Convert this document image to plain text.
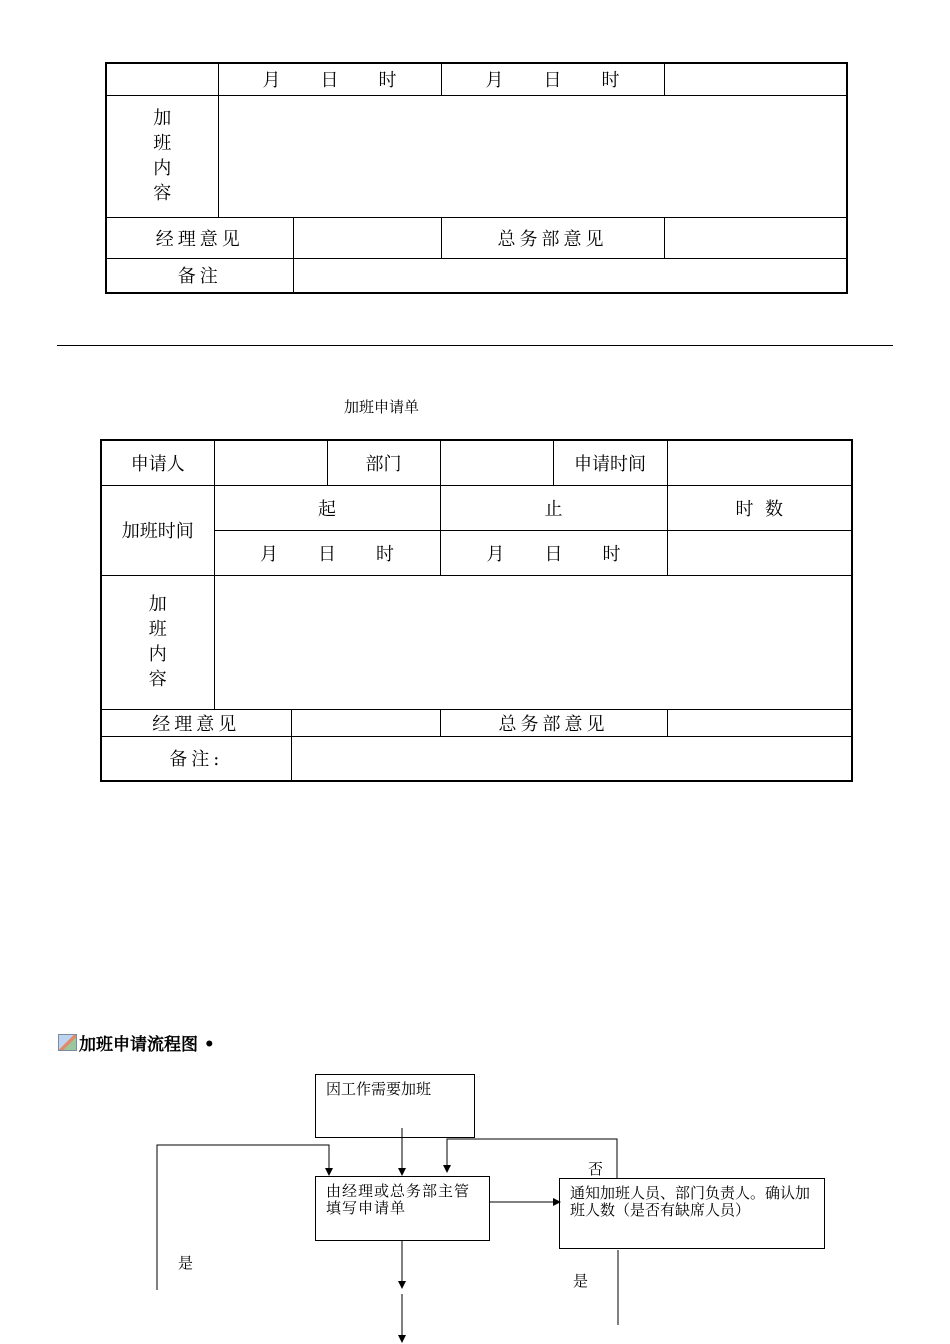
	月 日 时		月 日 时	

加
班
内
容				

经理意见			总务部意见	
备注				
加班申请单
申请人			部门		申请时间	
加班时间	起			止		时  数
	月 日 时			月 日 时		

加
班
内
容						

经理意见				总务部意见		
备注:						
加班申请流程图 •
因工作需要加班
由经理或总务部主管填写申请单
通知加班人员、部门负责人。确认加班人数（是否有缺席人员）
否
是
是
